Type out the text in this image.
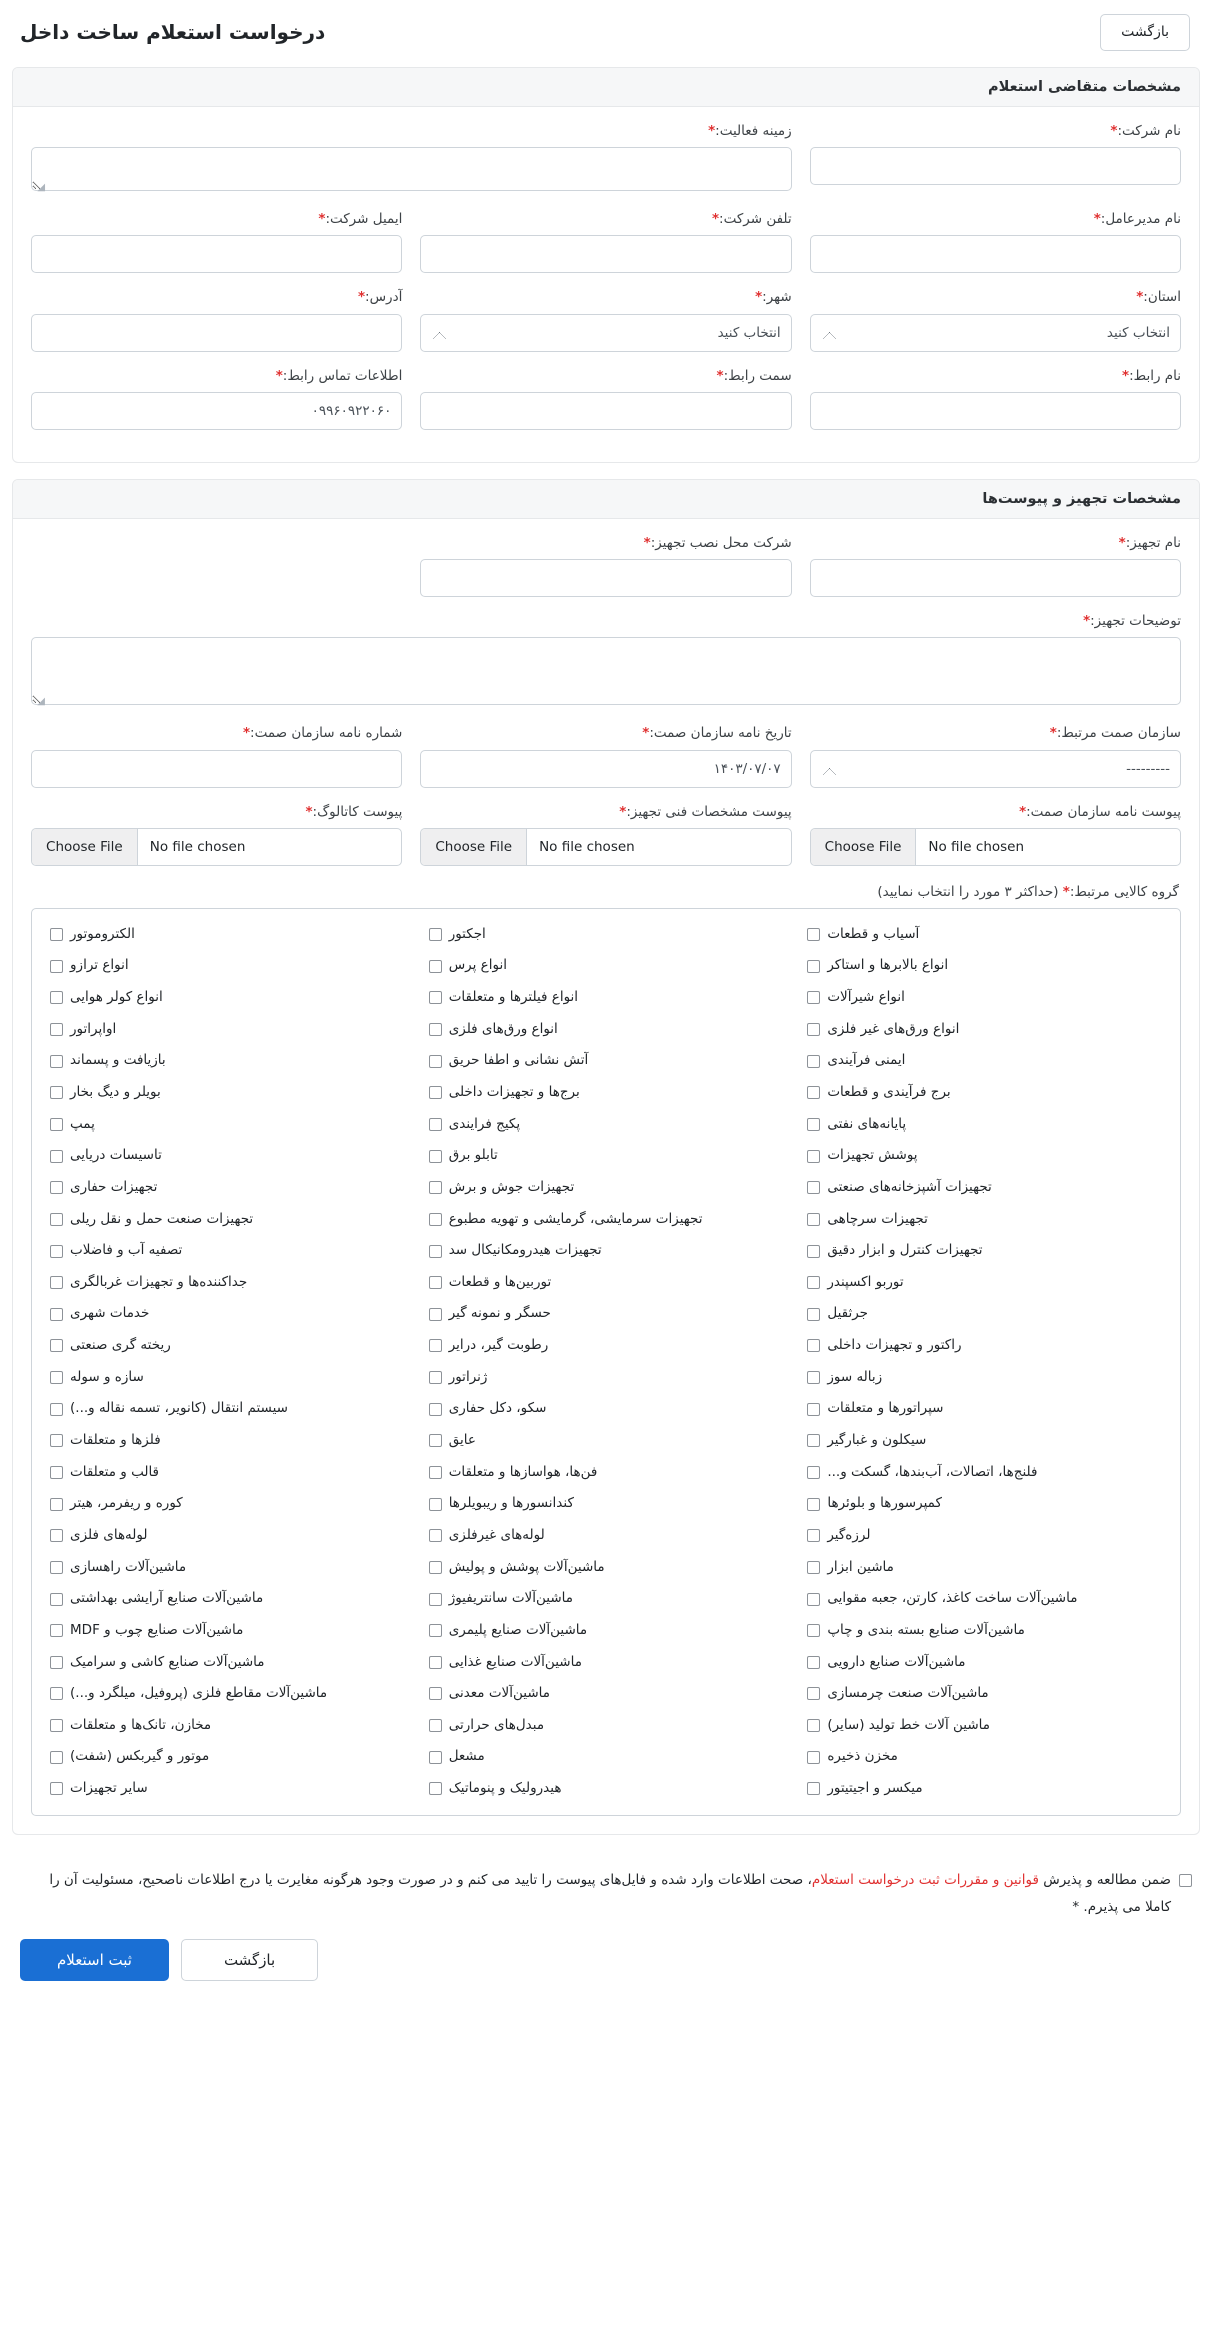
بازگشت
درخواست استعلام ساخت داخل
مشخصات متقاضی استعلام
نام شرکت:*
زمینه فعالیت:*
◢
نام مدیرعامل:*
تلفن شرکت:*
ایمیل شرکت:*
استان:*
انتخاب کنید
شهر:*
انتخاب کنید
آدرس:*
نام رابط:*
سمت رابط:*
اطلاعات تماس رابط:*
۰۹۹۶۰۹۲۲۰۶۰
مشخصات تجهیز و پیوست‌ها
نام تجهیز:*
شرکت محل نصب تجهیز:*
توضیحات تجهیز:*
◢
سازمان صمت مرتبط:*
---------
تاریخ نامه سازمان صمت:*
۱۴۰۳/۰۷/۰۷
شماره نامه سازمان صمت:*
پیوست نامه سازمان صمت:*
Choose File	No file chosen
پیوست مشخصات فنی تجهیز:*
Choose File	No file chosen
پیوست کاتالوگ:*
Choose File	No file chosen
گروه کالایی مرتبط:* (حداکثر ۳ مورد را انتخاب نمایید)
آسیاب و قطعات
انواع بالابرها و استاکر
انواع شیرآلات
انواع ورق‌های غیر فلزی
ایمنی فرآیندی
برج فرآیندی و قطعات
پایانه‌های نفتی
پوشش تجهیزات
تجهیزات آشپزخانه‌های صنعتی
تجهیزات سرچاهی
تجهیزات کنترل و ابزار دقیق
توربو اکسپندر
جرثقیل
راکتور و تجهیزات داخلی
زباله سوز
سپراتورها و متعلقات
سیکلون و غبارگیر
فلنج‌ها، اتصالات، آب‌بندها، گسکت و...
کمپرسورها و بلوئرها
لرزه‌گیر
ماشین ابزار
ماشین‌آلات ساخت کاغذ، کارتن، جعبه مقوایی
ماشین‌آلات صنایع بسته بندی و چاپ
ماشین‌آلات صنایع دارویی
ماشین‌آلات صنعت چرمسازی
ماشین آلات خط تولید (سایر)
مخزن ذخیره
میکسر و اجیتیتور
اجکتور
انواع پرس
انواع فیلترها و متعلقات
انواع ورق‌های فلزی
آتش نشانی و اطفا حریق
برج‌ها و تجهیزات داخلی
پکیج فرایندی
تابلو برق
تجهیزات جوش و برش
تجهیزات سرمایشی، گرمایشی و تهویه مطبوع
تجهیزات هیدرومکانیکال سد
توربین‌ها و قطعات
حسگر و نمونه گیر
رطوبت گیر، درایر
ژنراتور
سکو، دکل حفاری
عایق
فن‌ها، هواسازها و متعلقات
کندانسورها و ریبویلرها
لوله‌های غیرفلزی
ماشین‌آلات پوشش و پولیش
ماشین‌آلات سانتریفیوژ
ماشین‌آلات صنایع پلیمری
ماشین‌آلات صنایع غذایی
ماشین‌آلات معدنی
مبدل‌های حرارتی
مشعل
هیدرولیک و پنوماتیک
الکتروموتور
انواع ترازو
انواع کولر هوایی
اواپراتور
بازیافت و پسماند
بویلر و دیگ بخار
پمپ
تاسیسات دریایی
تجهیزات حفاری
تجهیزات صنعت حمل و نقل ریلی
تصفیه آب و فاضلاب
جداکننده‌ها و تجهیزات غربالگری
خدمات شهری
ریخته گری صنعتی
سازه و سوله
سیستم انتقال (کانویر، تسمه نقاله و...)
فلزها و متعلقات
قالب و متعلقات
کوره و ریفرمر، هیتر
لوله‌های فلزی
ماشین‌آلات راهسازی
ماشین‌آلات صنایع آرایشی بهداشتی
ماشین‌آلات صنایع چوب و MDF
ماشین‌آلات صنایع کاشی و سرامیک
ماشین‌آلات مقاطع فلزی (پروفیل، میلگرد و...)
مخازن، تانک‌ها و متعلقات
موتور و گیربکس (شفت)
سایر تجهیزات
ضمن مطالعه و پذیرش قوانین و مقررات ثبت درخواست استعلام، صحت اطلاعات وارد شده و فایل‌های پیوست را تایید می کنم و در صورت وجود هرگونه مغایرت یا درج اطلاعات ناصحیح، مسئولیت آن را کاملا می پذیرم. *
ثبت استعلام	بازگشت
